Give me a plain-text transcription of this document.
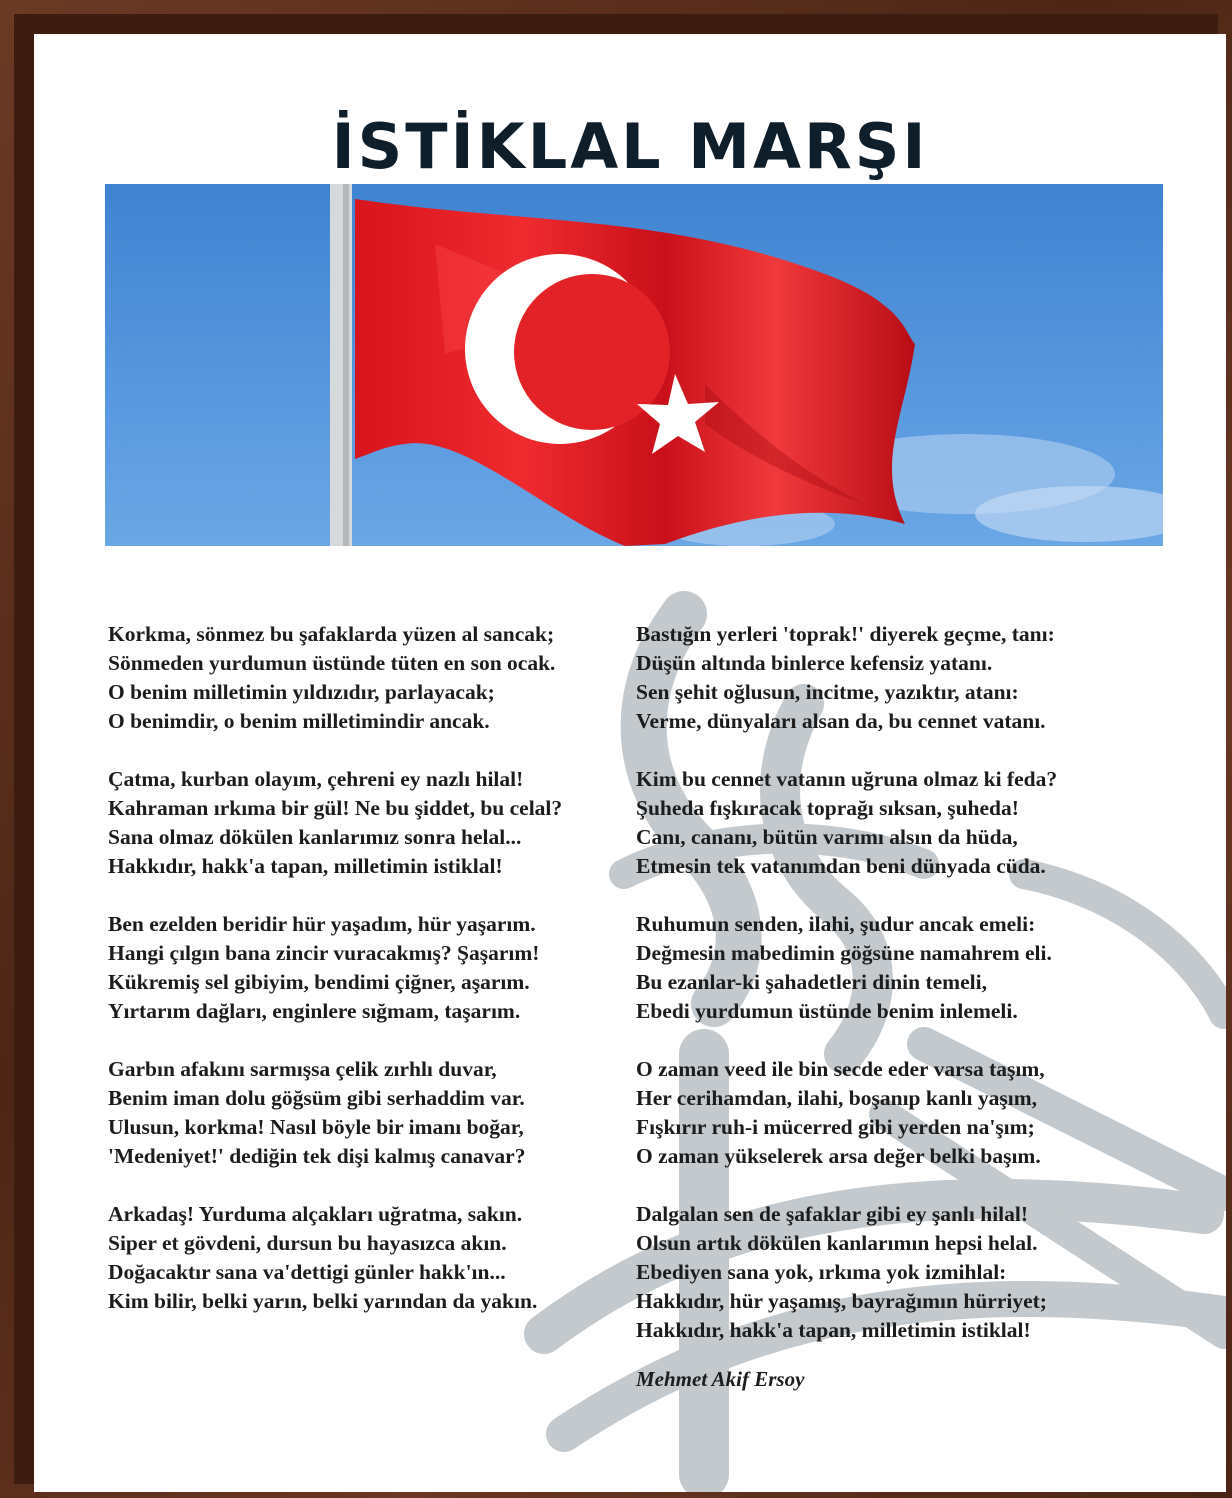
İSTİKLAL MARŞI
Korkma, sönmez bu şafaklarda yüzen al sancak;
Sönmeden yurdumun üstünde tüten en son ocak.
O benim milletimin yıldızıdır, parlayacak;
O benimdir, o benim milletimindir ancak.
Çatma, kurban olayım, çehreni ey nazlı hilal!
Kahraman ırkıma bir gül! Ne bu şiddet, bu celal?
Sana olmaz dökülen kanlarımız sonra helal...
Hakkıdır, hakk'a tapan, milletimin istiklal!
Ben ezelden beridir hür yaşadım, hür yaşarım.
Hangi çılgın bana zincir vuracakmış? Şaşarım!
Kükremiş sel gibiyim, bendimi çiğner, aşarım.
Yırtarım dağları, enginlere sığmam, taşarım.
Garbın afakını sarmışsa çelik zırhlı duvar,
Benim iman dolu göğsüm gibi serhaddim var.
Ulusun, korkma! Nasıl böyle bir imanı boğar,
'Medeniyet!' dediğin tek dişi kalmış canavar?
Arkadaş! Yurduma alçakları uğratma, sakın.
Siper et gövdeni, dursun bu hayasızca akın.
Doğacaktır sana va'dettigi günler hakk'ın...
Kim bilir, belki yarın, belki yarından da yakın.
Bastığın yerleri 'toprak!' diyerek geçme, tanı:
Düşün altında binlerce kefensiz yatanı.
Sen şehit oğlusun, incitme, yazıktır, atanı:
Verme, dünyaları alsan da, bu cennet vatanı.
Kim bu cennet vatanın uğruna olmaz ki feda?
Şuheda fışkıracak toprağı sıksan, şuheda!
Canı, cananı, bütün varımı alsın da hüda,
Etmesin tek vatanımdan beni dünyada cüda.
Ruhumun senden, ilahi, şudur ancak emeli:
Değmesin mabedimin göğsüne namahrem eli.
Bu ezanlar-ki şahadetleri dinin temeli,
Ebedi yurdumun üstünde benim inlemeli.
O zaman veed ile bin secde eder varsa taşım,
Her cerihamdan, ilahi, boşanıp kanlı yaşım,
Fışkırır ruh-i mücerred gibi yerden na'şım;
O zaman yükselerek arsa değer belki başım.
Dalgalan sen de şafaklar gibi ey şanlı hilal!
Olsun artık dökülen kanlarımın hepsi helal.
Ebediyen sana yok, ırkıma yok izmihlal:
Hakkıdır, hür yaşamış, bayrağımın hürriyet;
Hakkıdır, hakk'a tapan, milletimin istiklal!
Mehmet Akif Ersoy
